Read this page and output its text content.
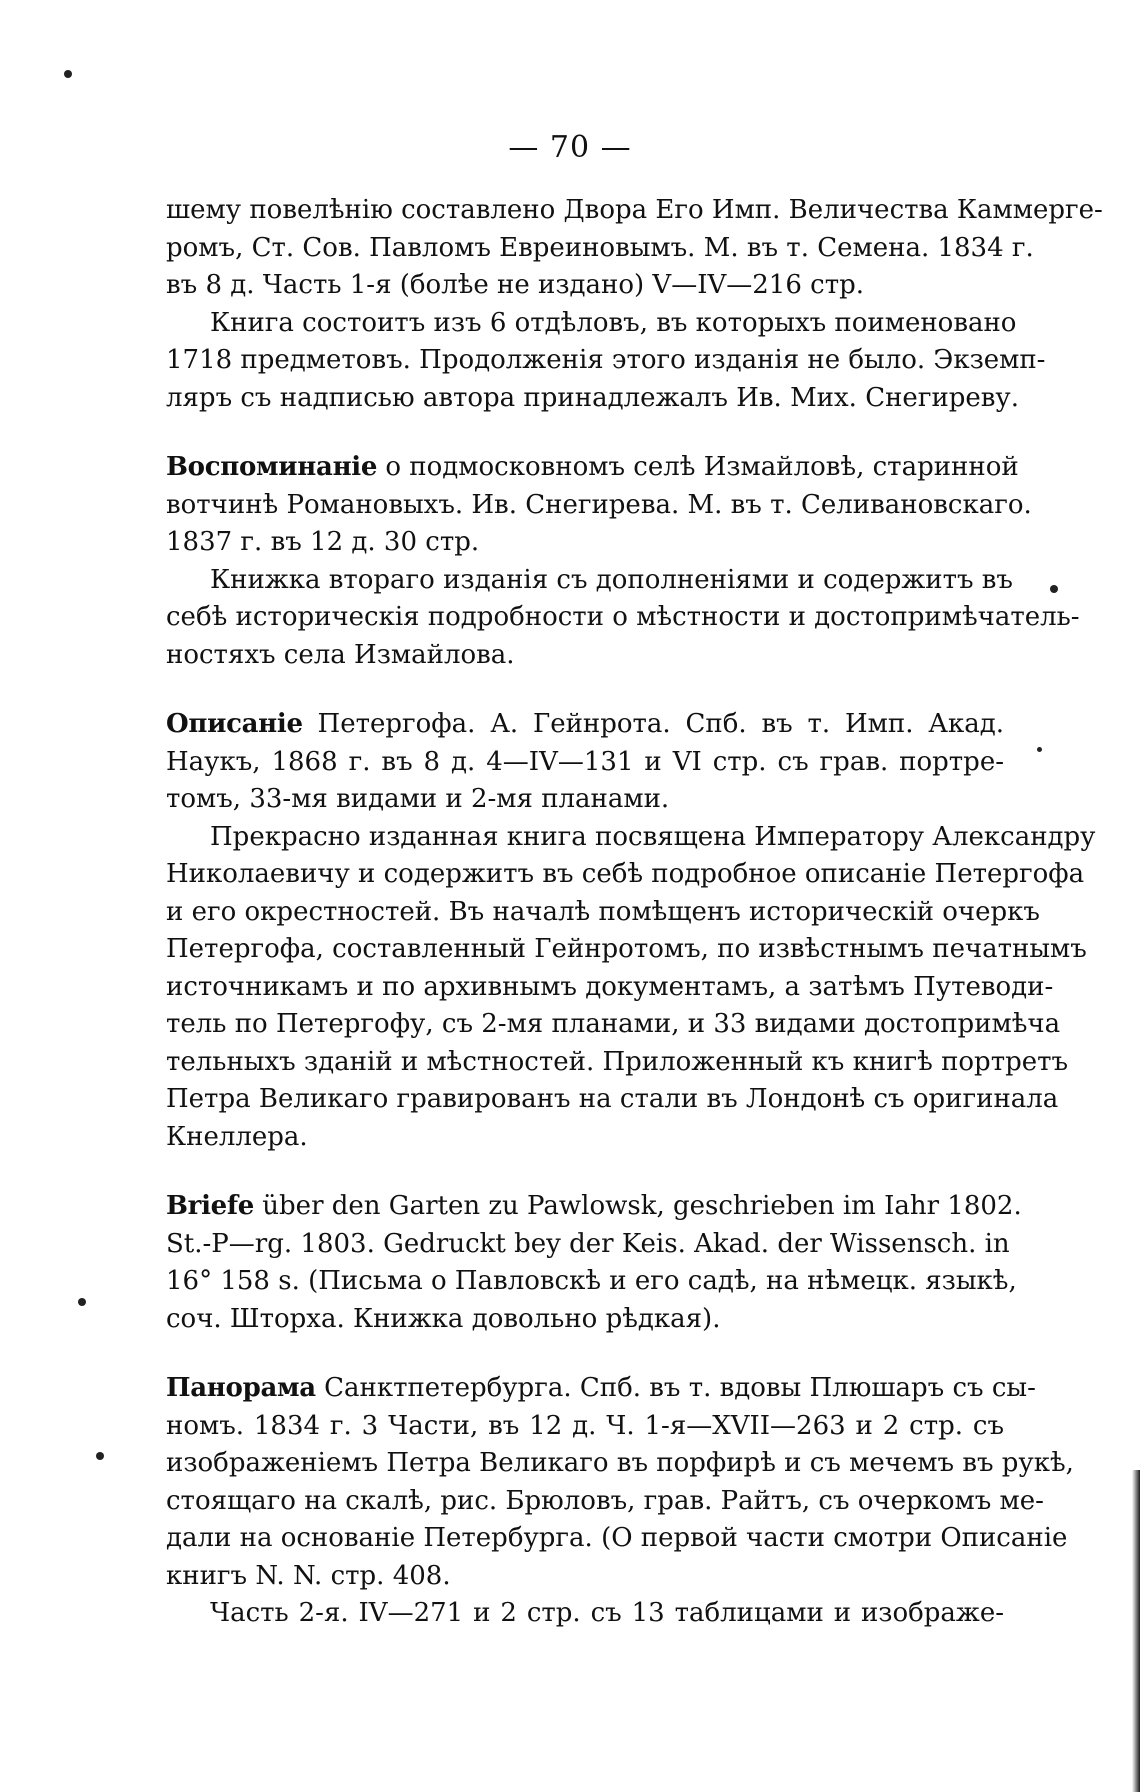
— 70 —
шему повелѣнію составлено Двора Его Имп. Величества Каммерге-
ромъ, Ст. Сов. Павломъ Евреиновымъ. М. въ т. Семена. 1834 г.
въ 8 д. Часть 1-я (болѣе не издано) V—IV—216 стр.
Книга состоитъ изъ 6 отдѣловъ, въ которыхъ поименовано
1718 предметовъ. Продолженія этого изданія не было. Экземп-
ляръ съ надписью автора принадлежалъ Ив. Мих. Снегиреву.
Воспоминаніе о подмосковномъ селѣ Измайловѣ, старинной
вотчинѣ Романовыхъ. Ив. Снегирева. М. въ т. Селивановскаго.
1837 г. въ 12 д. 30 стр.
Книжка втораго изданія съ дополненіями и содержитъ въ
себѣ историческія подробности о мѣстности и достопримѣчатель-
ностяхъ села Измайлова.
Описаніе Петергофа. А. Гейнрота. Спб. въ т. Имп. Акад.
Наукъ, 1868 г. въ 8 д. 4—IV—131 и VI стр. съ грав. портре-
томъ, 33-мя видами и 2-мя планами.
Прекрасно изданная книга посвящена Императору Александру
Николаевичу и содержитъ въ себѣ подробное описаніе Петергофа
и его окрестностей. Въ началѣ помѣщенъ историческій очеркъ
Петергофа, составленный Гейнротомъ, по извѣстнымъ печатнымъ
источникамъ и по архивнымъ документамъ, а затѣмъ Путеводи-
тель по Петергофу, съ 2-мя планами, и 33 видами достопримѣча
тельныхъ зданій и мѣстностей. Приложенный къ книгѣ портретъ
Петра Великаго гравированъ на стали въ Лондонѣ съ оригинала
Кнеллера.
Briefe über den Garten zu Pawlowsk, geschrieben im Iahr 1802.
St.-P—rg. 1803. Gedruckt bey der Keis. Akad. der Wissensch. in
16° 158 s. (Письма о Павловскѣ и его садѣ, на нѣмецк. языкѣ,
соч. Шторха. Книжка довольно рѣдкая).
Панорама Санктпетербурга. Спб. въ т. вдовы Плюшаръ съ сы-
номъ. 1834 г. 3 Части, въ 12 д. Ч. 1-я—XVII—263 и 2 стр. съ
изображеніемъ Петра Великаго въ порфирѣ и съ мечемъ въ рукѣ,
стоящаго на скалѣ, рис. Брюловъ, грав. Райтъ, съ очеркомъ ме-
дали на основаніе Петербурга. (О первой части смотри Описаніе
книгъ N. N. стр. 408.
Часть 2-я. IV—271 и 2 стр. съ 13 таблицами и изображе-
